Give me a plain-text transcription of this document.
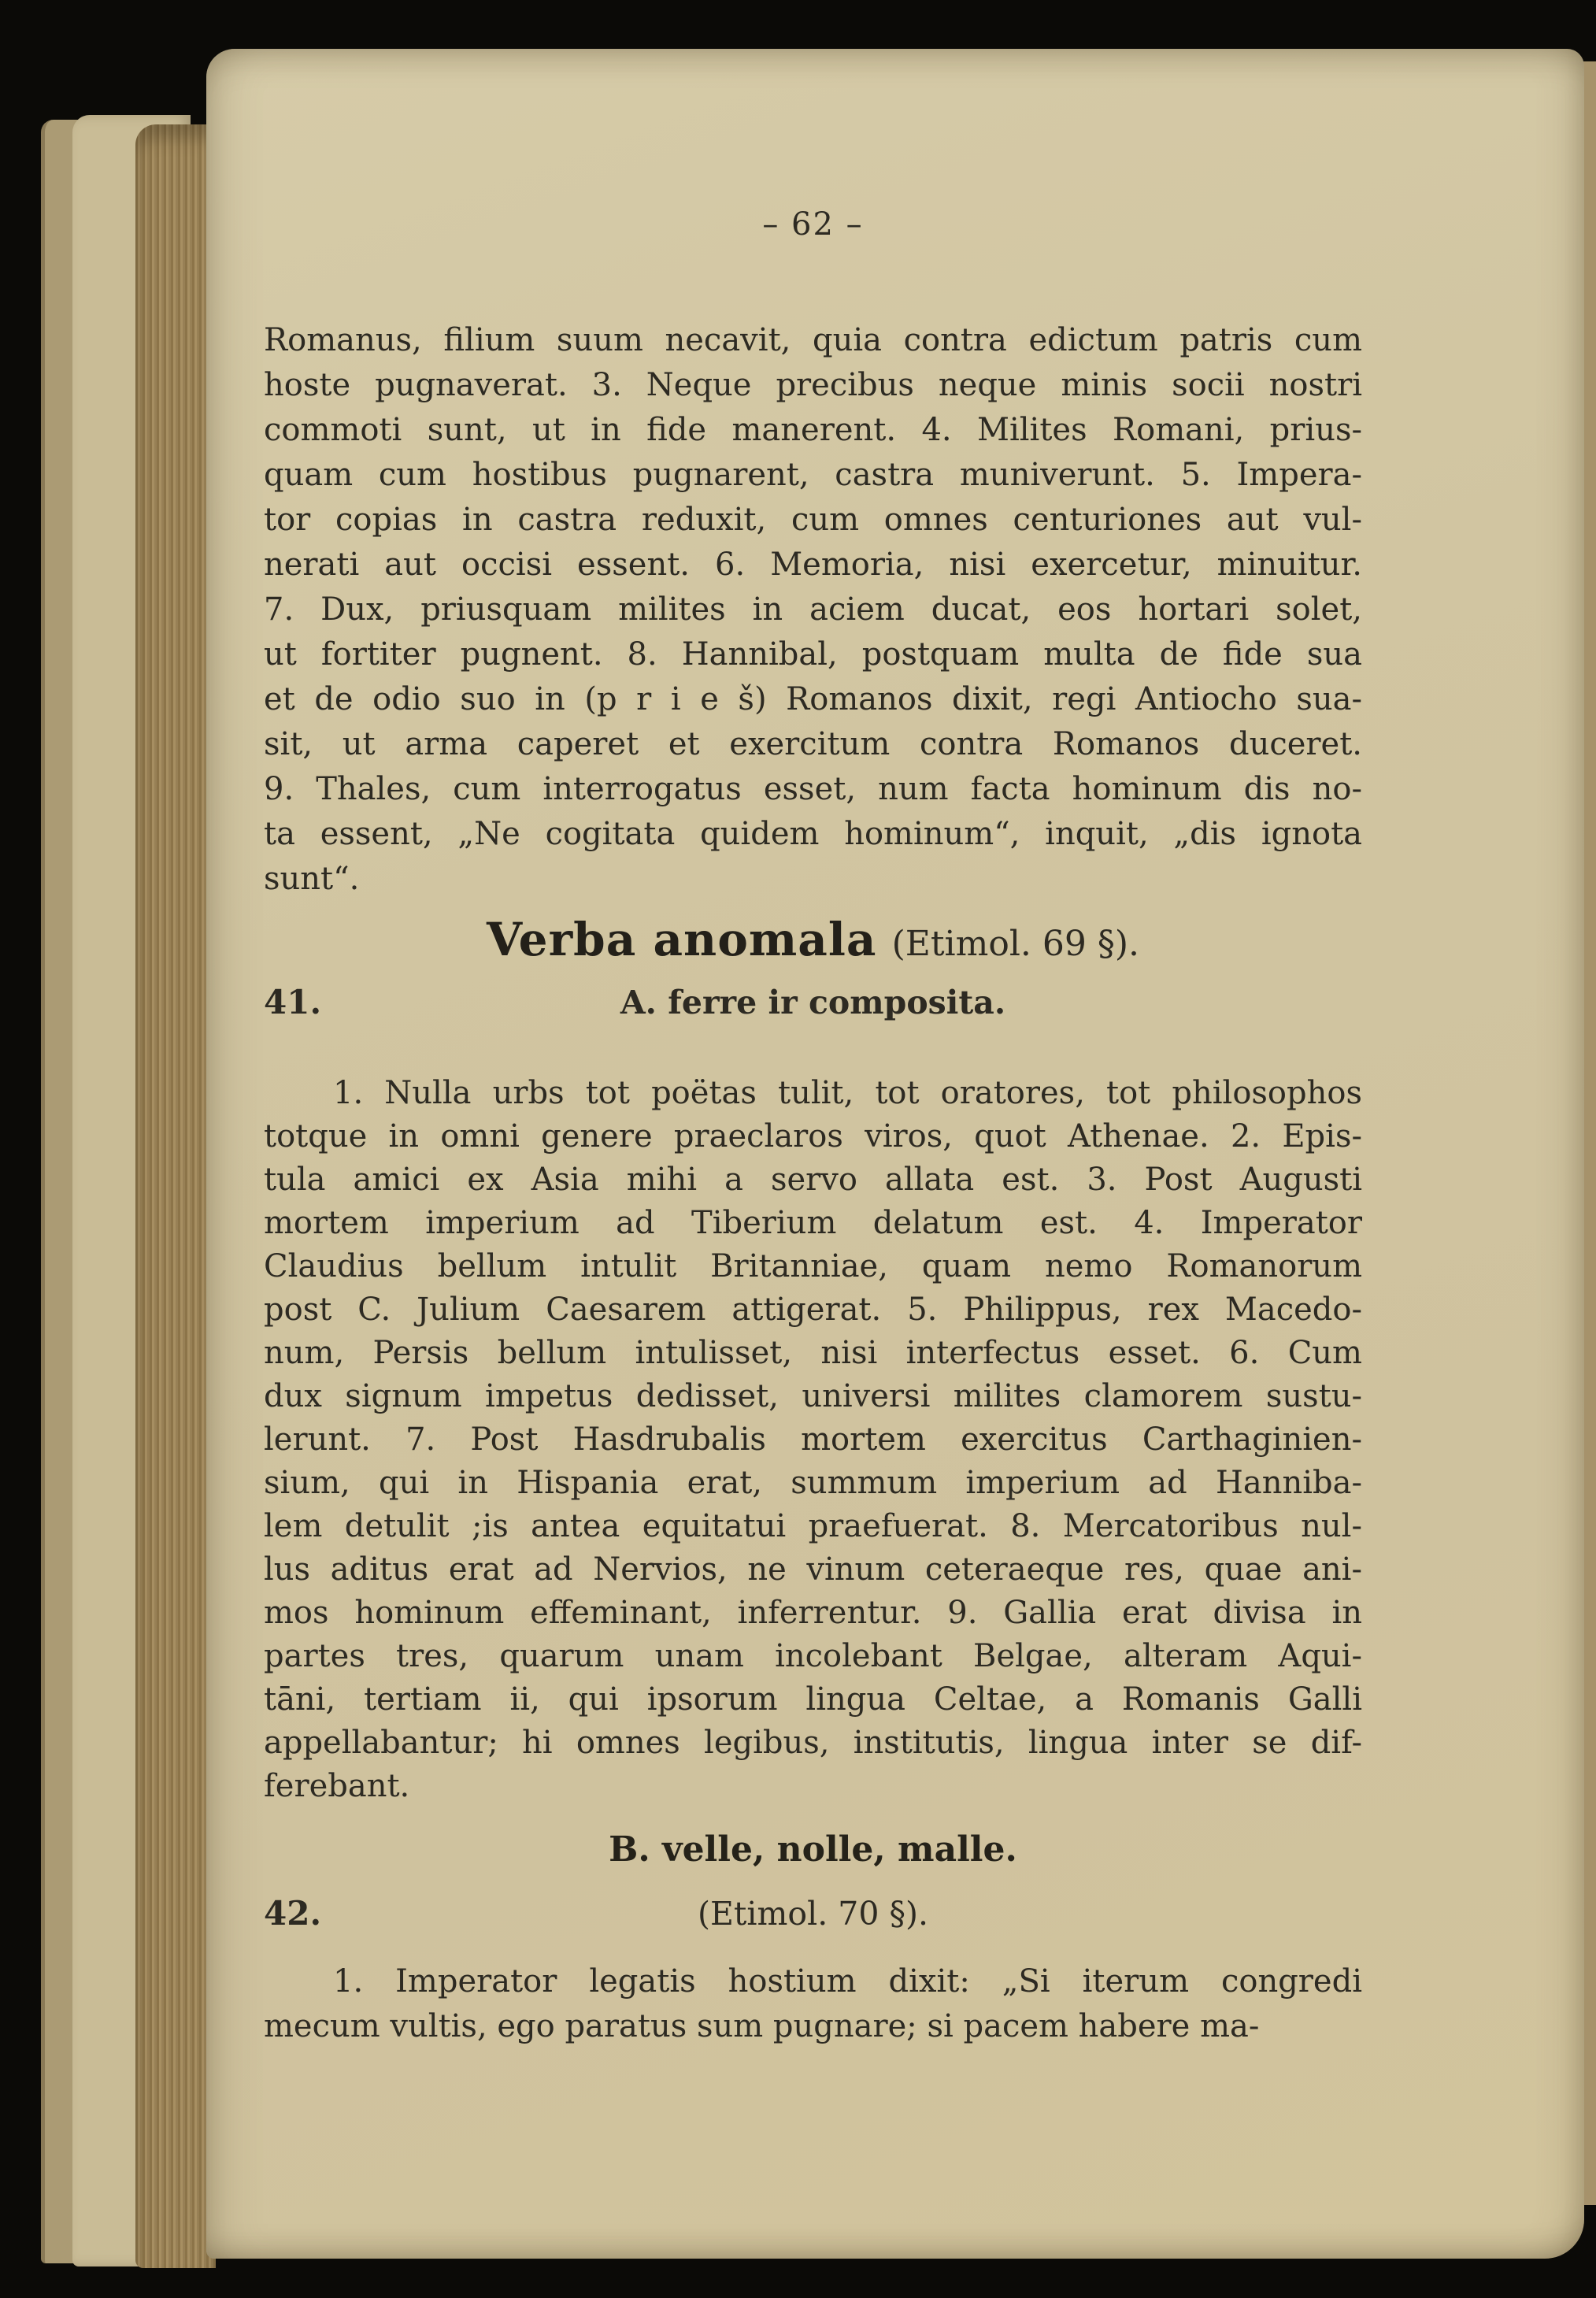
– 62 –
Romanus, filium suum necavit, quia contra edictum patris cum
hoste pugnaverat. 3. Neque precibus neque minis socii nostri
commoti sunt, ut in fide manerent. 4. Milites Romani, prius-
quam cum hostibus pugnarent, castra muniverunt. 5. Impera-
tor copias in castra reduxit, cum omnes centuriones aut vul-
nerati aut occisi essent. 6. Memoria, nisi exercetur, minuitur.
7. Dux, priusquam milites in aciem ducat, eos hortari solet,
ut fortiter pugnent. 8. Hannibal, postquam multa de fide sua
et de odio suo in (p r i e š) Romanos dixit, regi Antiocho sua-
sit, ut arma caperet et exercitum contra Romanos duceret.
9. Thales, cum interrogatus esset, num facta hominum dis no-
ta essent, „Ne cogitata quidem hominum“, inquit, „dis ignota
sunt“.
Verba anomala (Etimol. 69 §).
41.	A. ferre ir composita.
1. Nulla urbs tot poëtas tulit, tot oratores, tot philosophos
totque in omni genere praeclaros viros, quot Athenae. 2. Epis-
tula amici ex Asia mihi a servo allata est. 3. Post Augusti
mortem imperium ad Tiberium delatum est. 4. Imperator
Claudius bellum intulit Britanniae, quam nemo Romanorum
post C. Julium Caesarem attigerat. 5. Philippus, rex Macedo-
num, Persis bellum intulisset, nisi interfectus esset. 6. Cum
dux signum impetus dedisset, universi milites clamorem sustu-
lerunt. 7. Post Hasdrubalis mortem exercitus Carthaginien-
sium, qui in Hispania erat, summum imperium ad Hanniba-
lem detulit ;is antea equitatui praefuerat. 8. Mercatoribus nul-
lus aditus erat ad Nervios, ne vinum ceteraeque res, quae ani-
mos hominum effeminant, inferrentur. 9. Gallia erat divisa in
partes tres, quarum unam incolebant Belgae, alteram Aqui-
tāni, tertiam ii, qui ipsorum lingua Celtae, a Romanis Galli
appellabantur; hi omnes legibus, institutis, lingua inter se dif-
ferebant.
B. velle, nolle, malle.
42.	(Etimol. 70 §).
1. Imperator legatis hostium dixit: „Si iterum congredi
mecum vultis, ego paratus sum pugnare; si pacem habere ma-
